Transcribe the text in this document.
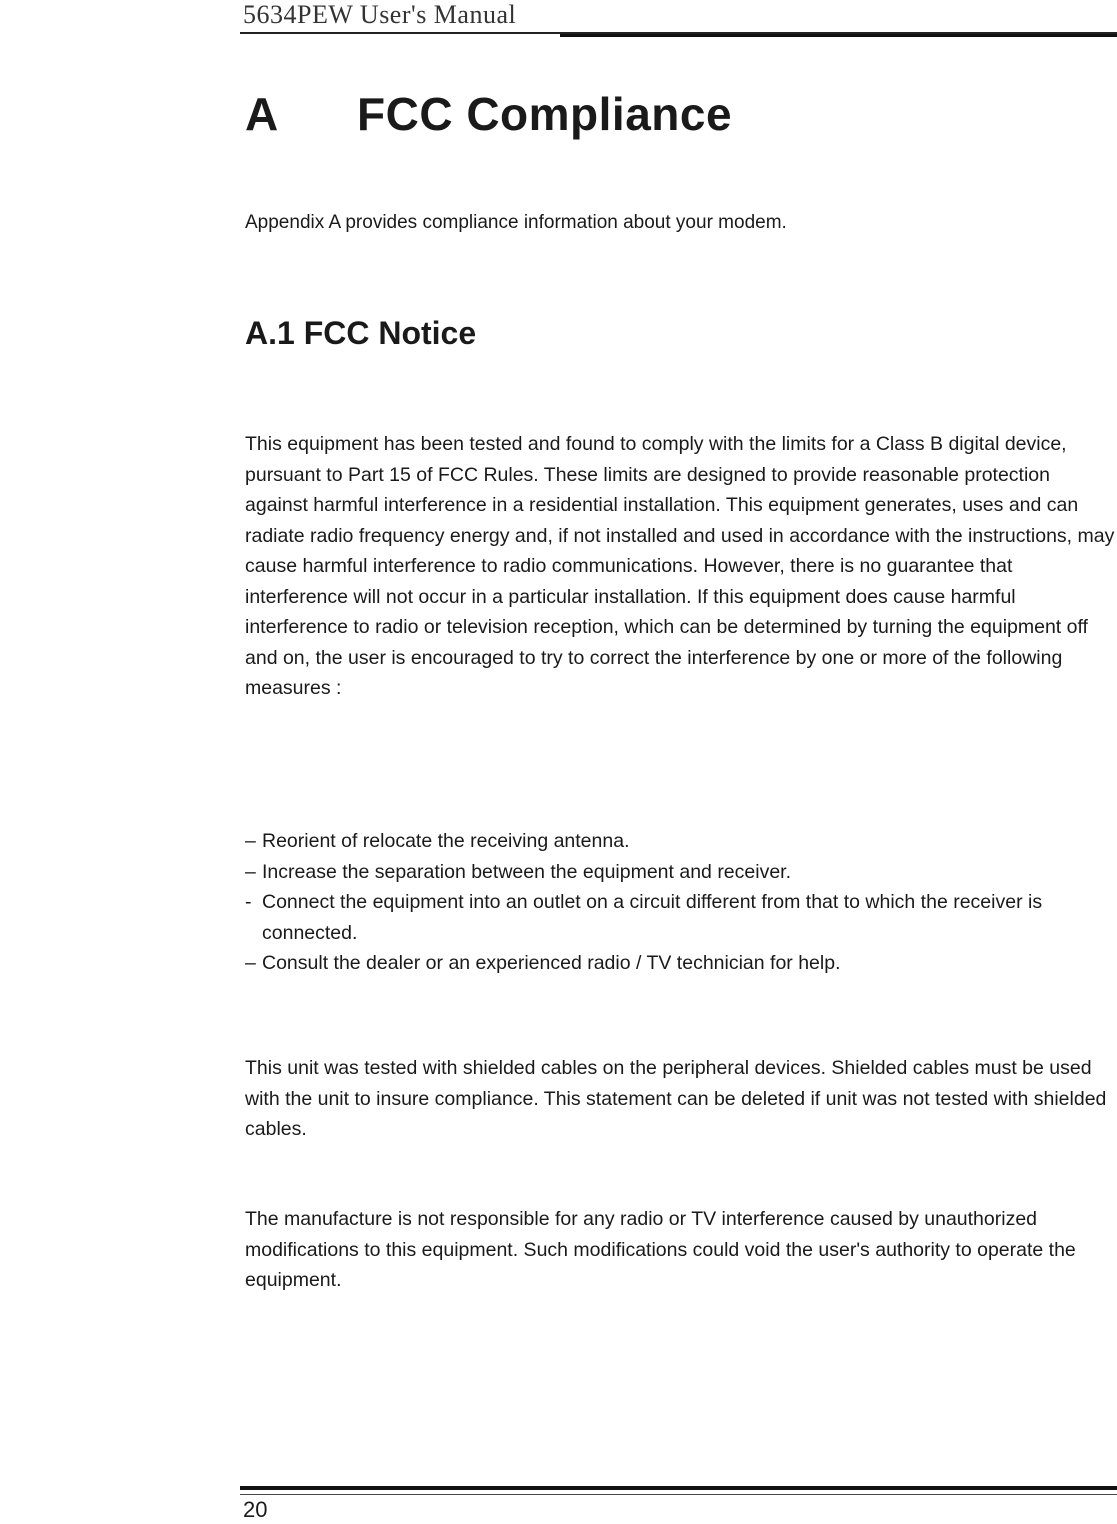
5634PEW User's Manual
A FCC Compliance

Appendix A provides compliance information about your modem.

A.1 FCC Notice

This equipment has been tested and found to comply with the limits for a Class B digital device, pursuant to Part 15 of FCC Rules. These limits are designed to provide reasonable protection against harmful interference in a residential installation. This equipment generates, uses and can radiate radio frequency energy and, if not installed and used in accordance with the instructions, may cause harmful interference to radio communications. However, there is no guarantee that interference will not occur in a particular installation. If this equipment does cause harmful interference to radio or television reception, which can be determined by turning the equipment off and on, the user is encouraged to try to correct the interference by one or more of the following measures :

– Reorient of relocate the receiving antenna.
– Increase the separation between the equipment and receiver.
- Connect the equipment into an outlet on a circuit different from that to which the receiver is connected.
– Consult the dealer or an experienced radio / TV technician for help.

This unit was tested with shielded cables on the peripheral devices. Shielded cables must be used with the unit to insure compliance. This statement can be deleted if unit was not tested with shielded cables.

The manufacture is not responsible for any radio or TV interference caused by unauthorized modifications to this equipment. Such modifications could void the user's authority to operate the equipment.

20
